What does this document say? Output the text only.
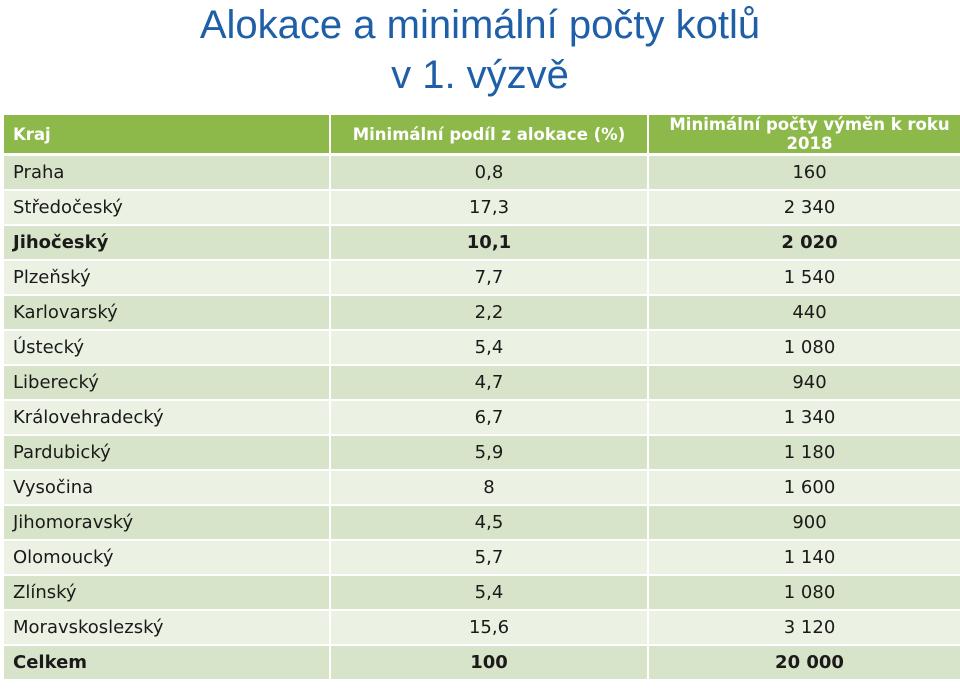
Alokace a minimální počty kotlů
v 1. výzvě
Kraj	Minimální podíl z alokace (%)	Minimální počty výměn k roku 2018
Praha	0,8	160
Středočeský	17,3	2 340
Jihočeský	10,1	2 020
Plzeňský	7,7	1 540
Karlovarský	2,2	440
Ústecký	5,4	1 080
Liberecký	4,7	940
Královehradecký	6,7	1 340
Pardubický	5,9	1 180
Vysočina	8	1 600
Jihomoravský	4,5	900
Olomoucký	5,7	1 140
Zlínský	5,4	1 080
Moravskoslezský	15,6	3 120
Celkem	100	20 000
